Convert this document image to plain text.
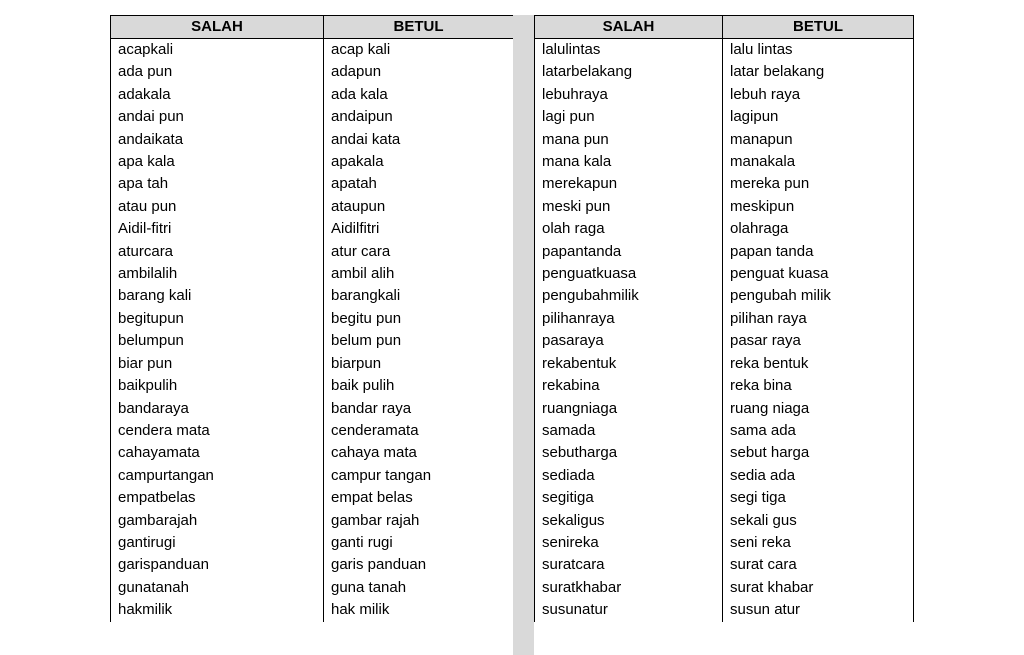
SALAH	BETUL
acapkali	acap kali
ada pun	adapun
adakala	ada kala
andai pun	andaipun
andaikata	andai kata
apa kala	apakala
apa tah	apatah
atau pun	ataupun
Aidil-fitri	Aidilfitri
aturcara	atur cara
ambilalih	ambil alih
barang kali	barangkali
begitupun	begitu pun
belumpun	belum pun
biar pun	biarpun
baikpulih	baik pulih
bandaraya	bandar raya
cendera mata	cenderamata
cahayamata	cahaya mata
campurtangan	campur tangan
empatbelas	empat belas
gambarajah	gambar rajah
gantirugi	ganti rugi
garispanduan	garis panduan
gunatanah	guna tanah
hakmilik	hak milik
SALAH	BETUL
lalulintas	lalu lintas
latarbelakang	latar belakang
lebuhraya	lebuh raya
lagi pun	lagipun
mana pun	manapun
mana kala	manakala
merekapun	mereka pun
meski pun	meskipun
olah raga	olahraga
papantanda	papan tanda
penguatkuasa	penguat kuasa
pengubahmilik	pengubah milik
pilihanraya	pilihan raya
pasaraya	pasar raya
rekabentuk	reka bentuk
rekabina	reka bina
ruangniaga	ruang niaga
samada	sama ada
sebutharga	sebut harga
sediada	sedia ada
segitiga	segi tiga
sekaligus	sekali gus
senireka	seni reka
suratcara	surat cara
suratkhabar	surat khabar
susunatur	susun atur
